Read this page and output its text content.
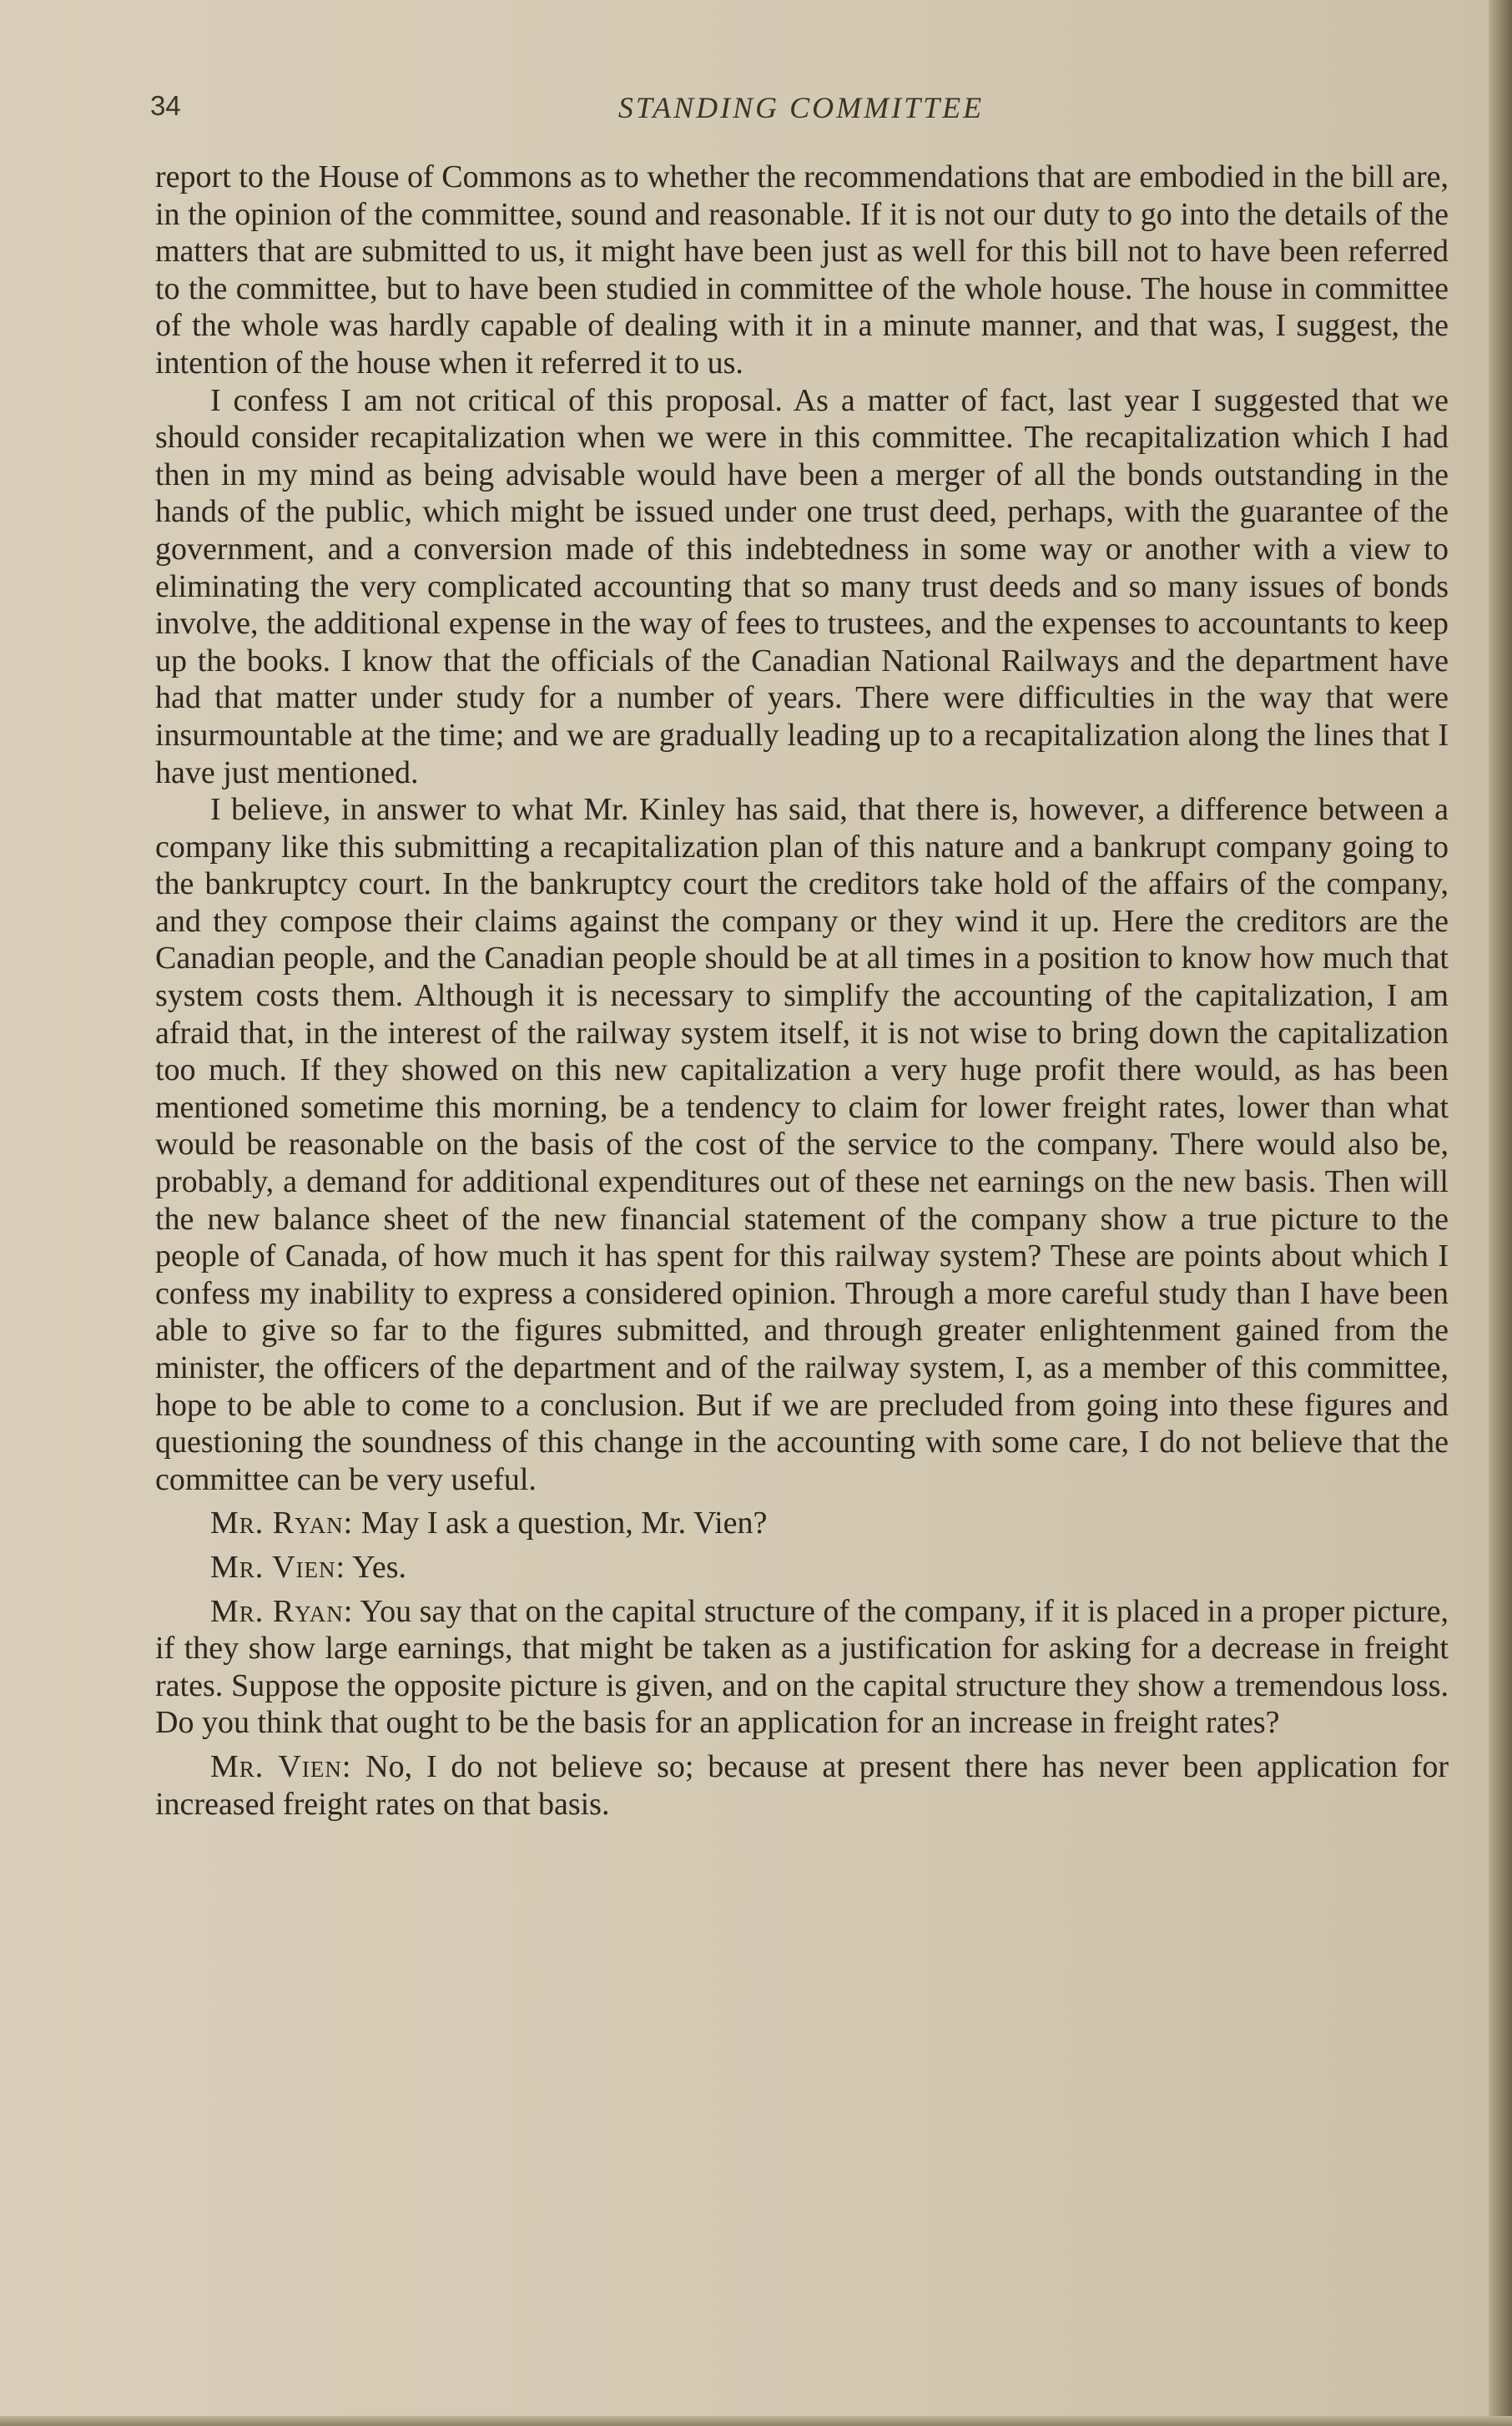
34	STANDING COMMITTEE

report to the House of Commons as to whether the recommendations that are embodied in the bill are, in the opinion of the committee, sound and reasonable. If it is not our duty to go into the details of the matters that are submitted to us, it might have been just as well for this bill not to have been referred to the committee, but to have been studied in committee of the whole house. The house in committee of the whole was hardly capable of dealing with it in a minute manner, and that was, I suggest, the intention of the house when it referred it to us.

I confess I am not critical of this proposal. As a matter of fact, last year I suggested that we should consider recapitalization when we were in this committee. The recapitalization which I had then in my mind as being advisable would have been a merger of all the bonds outstanding in the hands of the public, which might be issued under one trust deed, perhaps, with the guarantee of the government, and a conversion made of this indebtedness in some way or another with a view to eliminating the very complicated accounting that so many trust deeds and so many issues of bonds involve, the additional expense in the way of fees to trustees, and the expenses to accountants to keep up the books. I know that the officials of the Canadian National Railways and the department have had that matter under study for a number of years. There were difficulties in the way that were insurmountable at the time; and we are gradually leading up to a recapitalization along the lines that I have just mentioned.

I believe, in answer to what Mr. Kinley has said, that there is, however, a difference between a company like this submitting a recapitalization plan of this nature and a bankrupt company going to the bankruptcy court. In the bankruptcy court the creditors take hold of the affairs of the company, and they compose their claims against the company or they wind it up. Here the creditors are the Canadian people, and the Canadian people should be at all times in a position to know how much that system costs them. Although it is necessary to simplify the accounting of the capitalization, I am afraid that, in the interest of the railway system itself, it is not wise to bring down the capitalization too much. If they showed on this new capitalization a very huge profit there would, as has been mentioned sometime this morning, be a tendency to claim for lower freight rates, lower than what would be reasonable on the basis of the cost of the service to the company. There would also be, probably, a demand for additional expenditures out of these net earnings on the new basis. Then will the new balance sheet of the new financial statement of the company show a true picture to the people of Canada, of how much it has spent for this railway system? These are points about which I confess my inability to express a considered opinion. Through a more careful study than I have been able to give so far to the figures submitted, and through greater enlightenment gained from the minister, the officers of the department and of the railway system, I, as a member of this committee, hope to be able to come to a conclusion. But if we are precluded from going into these figures and questioning the soundness of this change in the accounting with some care, I do not believe that the committee can be very useful.

Mr. Ryan: May I ask a question, Mr. Vien?

Mr. Vien: Yes.

Mr. Ryan: You say that on the capital structure of the company, if it is placed in a proper picture, if they show large earnings, that might be taken as a justification for asking for a decrease in freight rates. Suppose the opposite picture is given, and on the capital structure they show a tremendous loss. Do you think that ought to be the basis for an application for an increase in freight rates?

Mr. Vien: No, I do not believe so; because at present there has never been application for increased freight rates on that basis.
